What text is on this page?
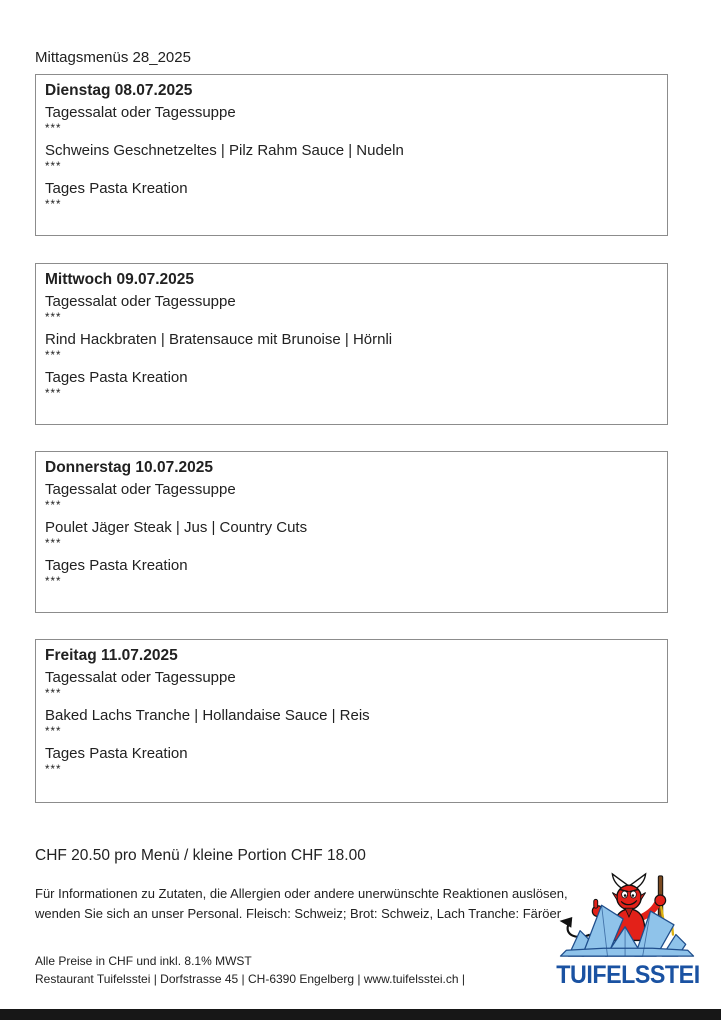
Mittagsmenüs 28_2025
Dienstag 08.07.2025
Tagessalat oder Tagessuppe
***
Schweins Geschnetzeltes | Pilz Rahm Sauce | Nudeln
***
Tages Pasta Kreation
***
Mittwoch 09.07.2025
Tagessalat oder Tagessuppe
***
Rind Hackbraten | Bratensauce mit Brunoise | Hörnli
***
Tages Pasta Kreation
***
Donnerstag 10.07.2025
Tagessalat oder Tagessuppe
***
Poulet Jäger Steak | Jus | Country Cuts
***
Tages Pasta Kreation
***
Freitag 11.07.2025
Tagessalat oder Tagessuppe
***
Baked Lachs Tranche | Hollandaise Sauce | Reis
***
Tages Pasta Kreation
***
CHF 20.50 pro Menü / kleine Portion CHF 18.00
Für Informationen zu Zutaten, die Allergien oder andere unerwünschte Reaktionen auslösen, wenden Sie sich an unser Personal. Fleisch: Schweiz; Brot: Schweiz, Lach Tranche: Färöer
Alle Preise in CHF und inkl. 8.1% MWST
Restaurant Tuifelsstei | Dorfstrasse 45 | CH-6390 Engelberg | www.tuifelsstei.ch |	TUIFELSSTEI
